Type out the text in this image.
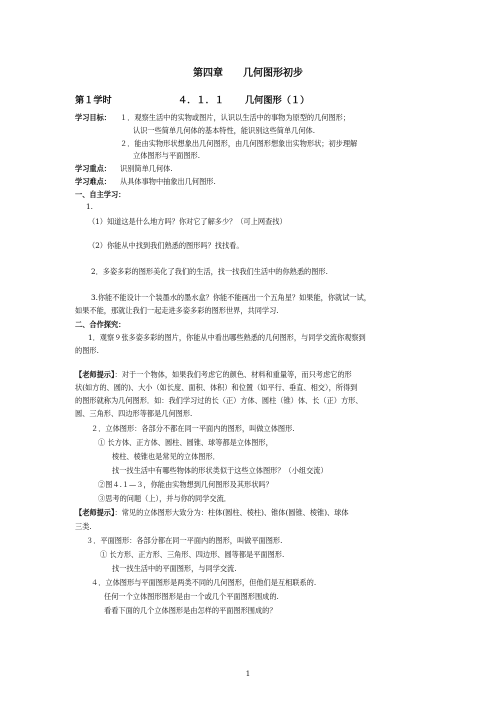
第四章　　几何图形初步
第１学时	４．１．１ 几何图形（１）
学习目标： １．观察生活中的实物或图片，认识以生活中的事物为原型的几何图形；
认识一些简单几何体的基本特性，能识别这些简单几何体.
２．能由实物形状想象出几何图形，由几何图形想象出实物形状；初步理解
立体图形与平面图形.
学习重点： 识别简单几何体.
学习难点： 从具体事物中抽象出几何图形.
一、自主学习：
1.
（1）知道这是什么地方吗？你对它了解多少？（可上网查找）
（2）你能从中找到我们熟悉的图形吗？找找看。
2．多姿多彩的图形美化了我们的生活，找一找我们生活中的你熟悉的图形.
3.你能不能设计一个装墨水的墨水盒？你能不能画出一个五角星？如果能，你就试一试，
如果不能，那就让我们一起走进多姿多彩的图形世界，共同学习.
二、合作探究：
1．观察９张多姿多彩的图片，你能从中看出哪些熟悉的几何图形，与同学交流你观察到
的图形.
【老师提示】：对于一个物体，如果我们考虑它的颜色、材料和重量等，而只考虑它的形
状(如方的、圆的)、大小（如长度、面积、体积）和位置（如平行、垂直、相交），所得到
的图形就称为几何图形．如：我们学习过的长（正）方体、圆柱（锥）体、长（正）方形、
圆、三角形、四边形等都是几何图形.
２．立体图形：各部分不都在同一平面内的图形，叫做立体图形.
① 长方体、正方体、圆柱、圆锥、球等都是立体图形，
棱柱、棱锥也是常见的立体图形．
找一找生活中有哪些物体的形状类似于这些立体图形？（小组交流）
②图４.１—３，你能由实物想到几何图形及其形状吗？
③思考的问题（上），并与你的同学交流．
【老师提示】：常见的立体图形大致分为：柱体(圆柱、棱柱)、锥体(圆锥、棱锥)、球体
三类.
３．平面图形：各部分都在同一平面内的图形，叫做平面图形.
① 长方形、正方形、三角形、四边形、圆等都是平面图形.
找一找生活中的平面图形，与同学交流.
４．立体图形与平面图形是两类不同的几何图形，但他们是互相联系的.
任何一个立体图形图形是由一个或几个平面图形围成的.
看看下面的几个立体图形是由怎样的平面图形围成的？
1
